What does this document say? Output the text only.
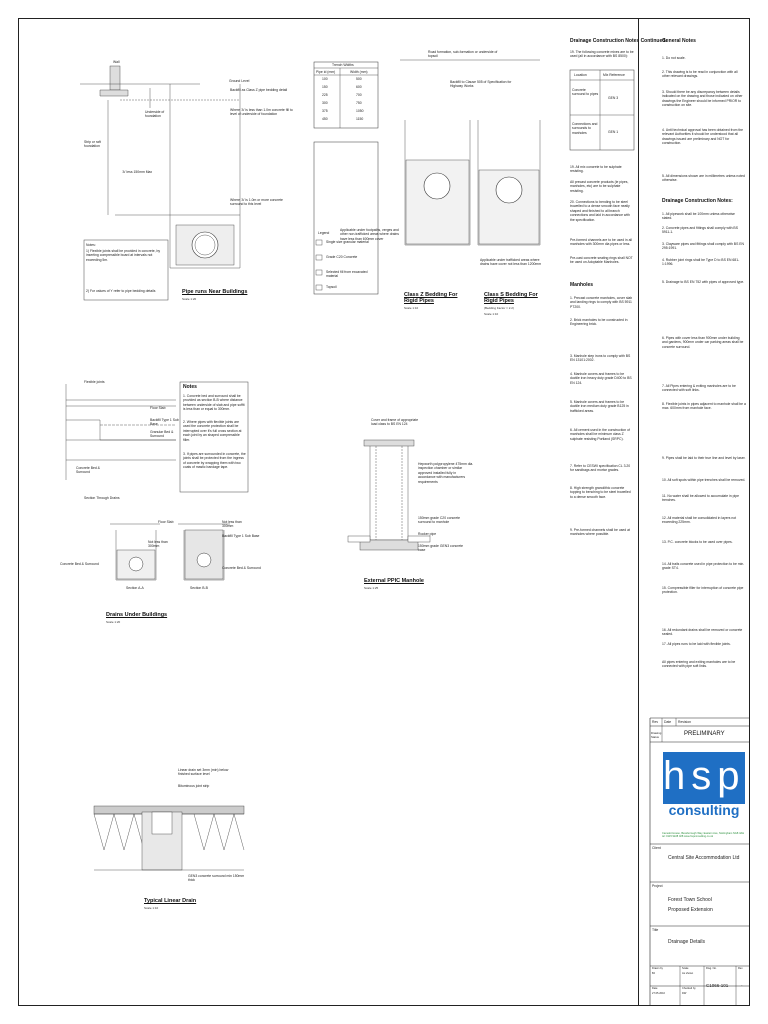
Wall
Ground Level
Backfill as Class Z pipe bedding detail
Where 'A' is less than 1.0m concrete fill to level of underside of foundation
Underside of foundation
Strip or raft foundation
'A' less 150mm Max
Where 'A' is 1.0m or more concrete surround to this level
Notes:
1) Flexible joints shall be provided in concrete, by inserting compressible board at intervals not exceeding 5m.
2) For values of Y refer to pipe bedding details	Pipe runs Near Buildings
Scale 1:20
Trench Widths
Pipe id (mm)	Width (mm)
100	500
150	600
225	700
300	750
375	1050
450	1150
Legend
Single size granular material
Grade C20 Concrete
Selected fill from excavated material
Topsoil
Road formation, sub-formation or underside of topsoil
Backfill to Clause 505 of Specification for Highway Works
Applicable under footpaths, verges and other non-trafficked areas where drains have less than 600mm cover
Applicable under trafficked areas where drains have cover not less than 1200mm
Class Z Bedding For Rigid Pipes
Scale 1:10
Class S Bedding For Rigid Pipes
(Bedding Factor = 2.2)
Scale 1:10
Flexible joints
Floor Slab
Backfill Type 1 Sub Base
Granular Bed & Surround
Concrete Bed & Surround
Section Through Drains
Notes
1. Concrete bed and surround shall be provided as section B-B where distance between underside of slab and pipe soffit is less than or equal to 300mm.
2. Where pipes with flexible joints are used the concrete protection shall be interrupted over it's full cross section at each joint by an shaped compressible filler.
3. If pipes are surrounded in concrete, the joints shall be protected from the ingress of concrete by wrapping them with two coats of mastic bandage tape.
Floor Slab
Not less than 300mm
Not less than 300mm
Backfill Type 1 Sub Base
Concrete Bed & Surround
Concrete Bed & Surround
Section A-A	Section B-B
Drains Under Buildings
Scale 1:20
Cover and frame of appropriate load class to BS EN 124
Hepworth polypropylene 475mm dia. inspection chamber or similar approved installed fully in accordance with manufacturers requirements
150mm grade C20 concrete surround to manhole
Rocker pipe
150mm grade GEN3 concrete base
External PPIC Manhole
Scale 1:25
Linear drain set 3mm (min) below finished surface level
Bituminous joint strip
GEN3 concrete surround min 150mm thick
Typical Linear Drain
Scale 1:10
Drainage Construction Notes Continued:
19. The following concrete mixes are to be used (all in accordance with BS 8500):
Location	Mix Reference
Concrete surround to pipes
GEN 3
Connections and surrounds to manholes	GEN 1
19. All mix concrete to be sulphate resisting.
All precast concrete products (ie pipes, manholes, etc) are to be sulphate resisting.
20. Connections to bending to be steel trowelled to a dense smooth face neatly shaped and finished to all branch connections and laid in accordance with the specification.
Pre-formed channels are to be used in all manholes with 300mm dia pipes or less.
Pre-cast concrete seating rings shall NOT be used on Adoptable Manholes.
Manholes
1. Precast concrete manholes, cover slab and landing rings to comply with BS 5911 PT200.
2. Brick manholes to be constructed in Engineering brick.
3. Manhole step irons to comply with BS EN 13101:2002.
4. Manhole covers and frames to be ductile iron heavy duty grade D400 to BS EN 124.
5. Manhole covers and frames to be ductile iron medium duty grade B125 in trafficked areas.
6. All cement used in the construction of manholes shall be minimum class Z sulphate resisting Portland (SRPC).
7. Refer to CESWI specification CL 3.20 for sandbags and mortar grades.
8. High strength granolithic concrete topping to benching to be steel trowelled to a dense smooth face.
9. Pre-formed channels shall be used at manholes where possible.
General Notes
1. Do not scale.
2. This drawing is to be read in conjunction with all other relevant drawings.
3. Should there be any discrepancy between details indicated on the drawing and those indicated on other drawings the Engineer should be informed PRIOR to construction on site.
4. Until technical approval has been obtained from the relevant Authorities it should be understood that all drawings issued are preliminary and NOT for construction.
5. All dimensions shown are in millimetres unless noted otherwise.
Drainage Construction Notes:
1. All pipework shall be 100mm unless otherwise stated.
2. Concrete pipes and fittings shall comply with BS 5911-1.
3. Clayware pipes and fittings shall comply with BS EN 295:1991.
4. Rubber joint rings shall be Type D to BS EN 681-1:1996.
5. Drainage to BS EN 752 with pipes of approved type.
6. Pipes with cover less than 900mm under building and gardens, 900mm under car parking areas shall be concrete surround.
7. All Pipes entering & exiting manholes are to be connected with soft links.
8. Flexible joints in pipes adjacent to manhole shall be a max. 600mm from manhole face.
9. Pipes shall be laid to their true line and level by laser.
10. All soft spots within pipe trenches shall be removed.
11. No water shall be allowed to accumulate in pipe trenches.
12. All material shall be consolidated in layers not exceeding 225mm.
13. P.C. concrete blocks to be used over pipes.
14. All trails concrete used in pipe protection to be min. grade ST4.
15. Compressible filler for interruption of concrete pipe protection.
16. All redundant drains shall be removed or concrete sealed.
17. All pipes runs to be laid with flexible joints.
All pipes entering and exiting manholes are to be connected with pipe soft links.
Rev Date Revision
Drawing Status
PRELIMINARY
hsp
consulting
Camelot House, Bessborough Way, Eastern Ave, Nottingham NG8 3AH tel: 0115 9228 028 www.hspconsulting.co.uk
Client
Central Site Accommodation Ltd
Project
Forest Town School
Proposed Extension
Title
Drainage Details
Drawn by
BJ
Scale
As shown
Dwg. No.	Rev
Date
27.05.2010
Checked by
DW
C1066-101	-
